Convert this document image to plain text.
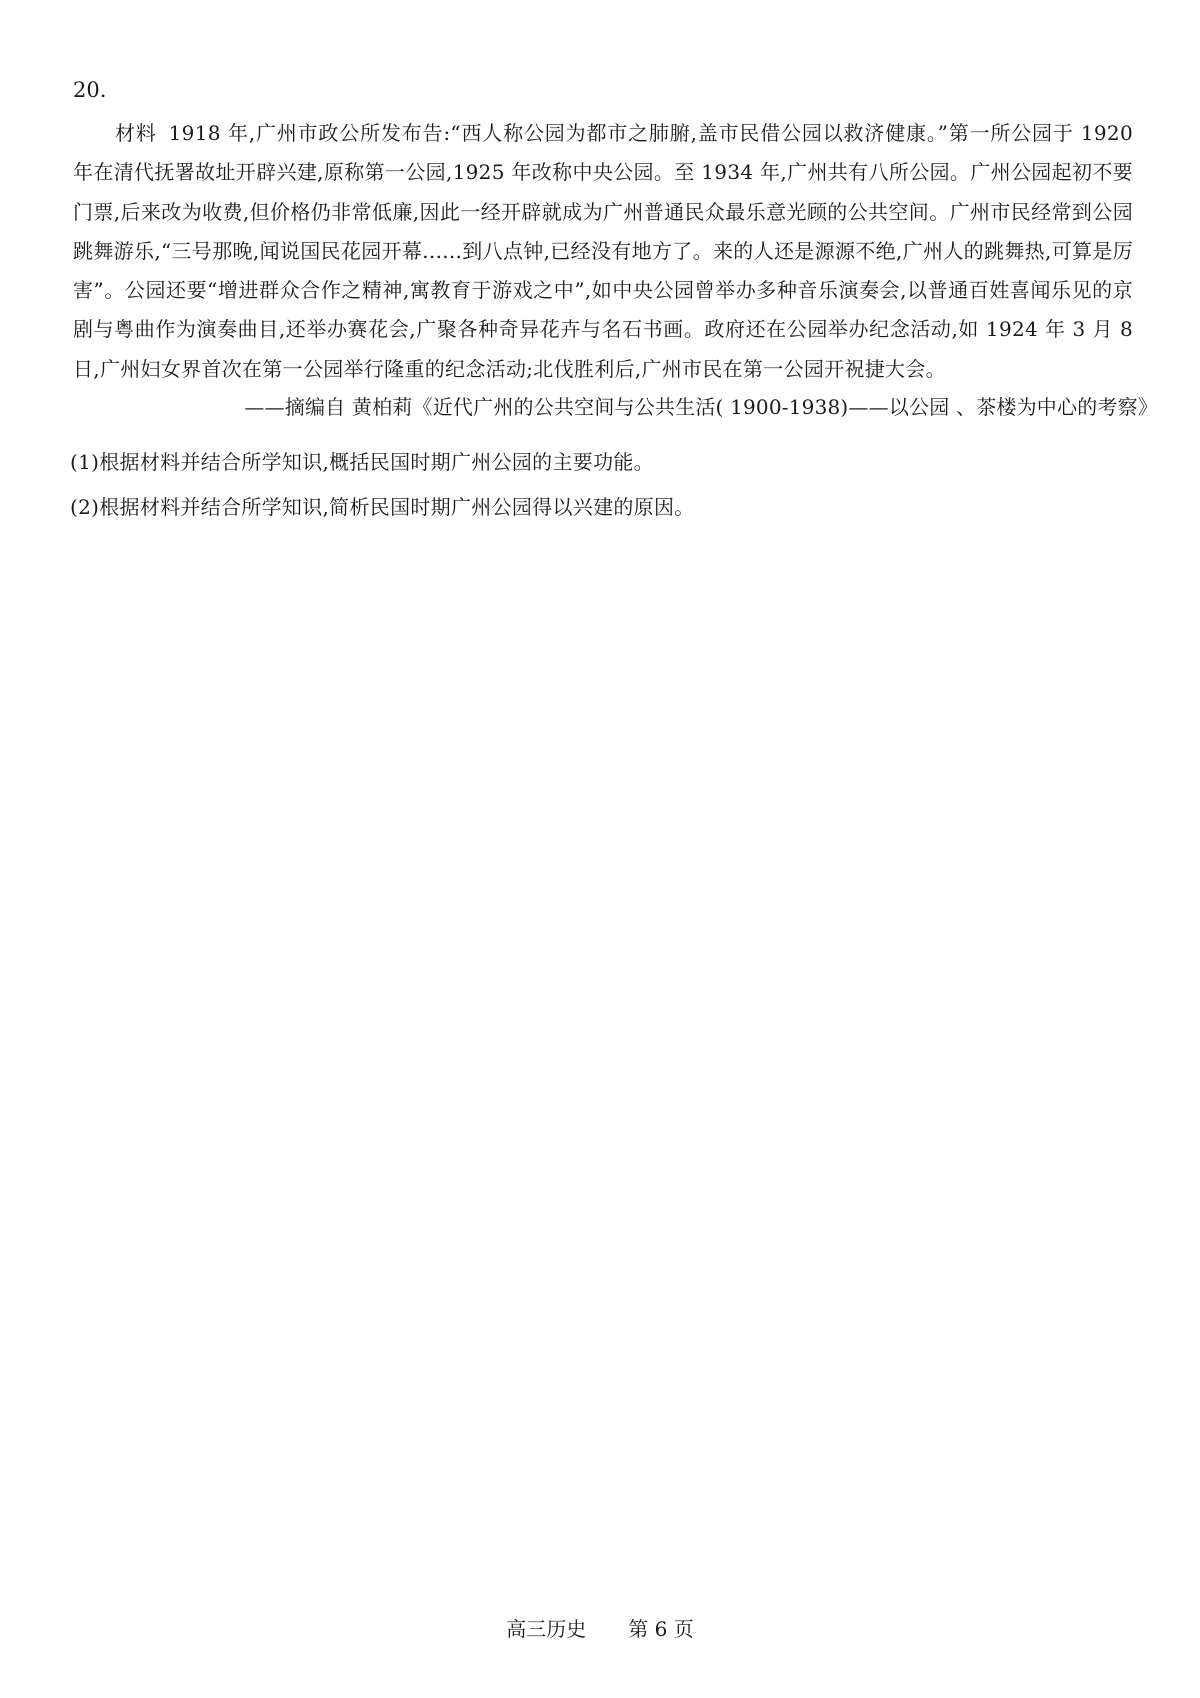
20.
材料 1918 年,广州市政公所发布告:“西人称公园为都市之肺腑,盖市民借公园以救济健康。”第一所公园于 1920 年在清代抚署故址开辟兴建,原称第一公园,1925 年改称中央公园。至 1934 年,广州共有八所公园。广州公园起初不要门票,后来改为收费,但价格仍非常低廉,因此一经开辟就成为广州普通民众最乐意光顾的公共空间。广州市民经常到公园跳舞游乐,“三号那晚,闻说国民花园开幕......到八点钟,已经没有地方了。来的人还是源源不绝,广州人的跳舞热,可算是厉害”。公园还要“增进群众合作之精神,寓教育于游戏之中”,如中央公园曾举办多种音乐演奏会,以普通百姓喜闻乐见的京剧与粤曲作为演奏曲目,还举办赛花会,广聚各种奇异花卉与名石书画。政府还在公园举办纪念活动,如 1924 年 3 月 8 日,广州妇女界首次在第一公园举行隆重的纪念活动;北伐胜利后,广州市民在第一公园开祝捷大会。
——摘编自 黄柏莉《近代广州的公共空间与公共生活( 1900-1938)——以公园 、茶楼为中心的考察》
(1)根据材料并结合所学知识,概括民国时期广州公园的主要功能。
(2)根据材料并结合所学知识,简析民国时期广州公园得以兴建的原因。
高三历史 第 6 页
